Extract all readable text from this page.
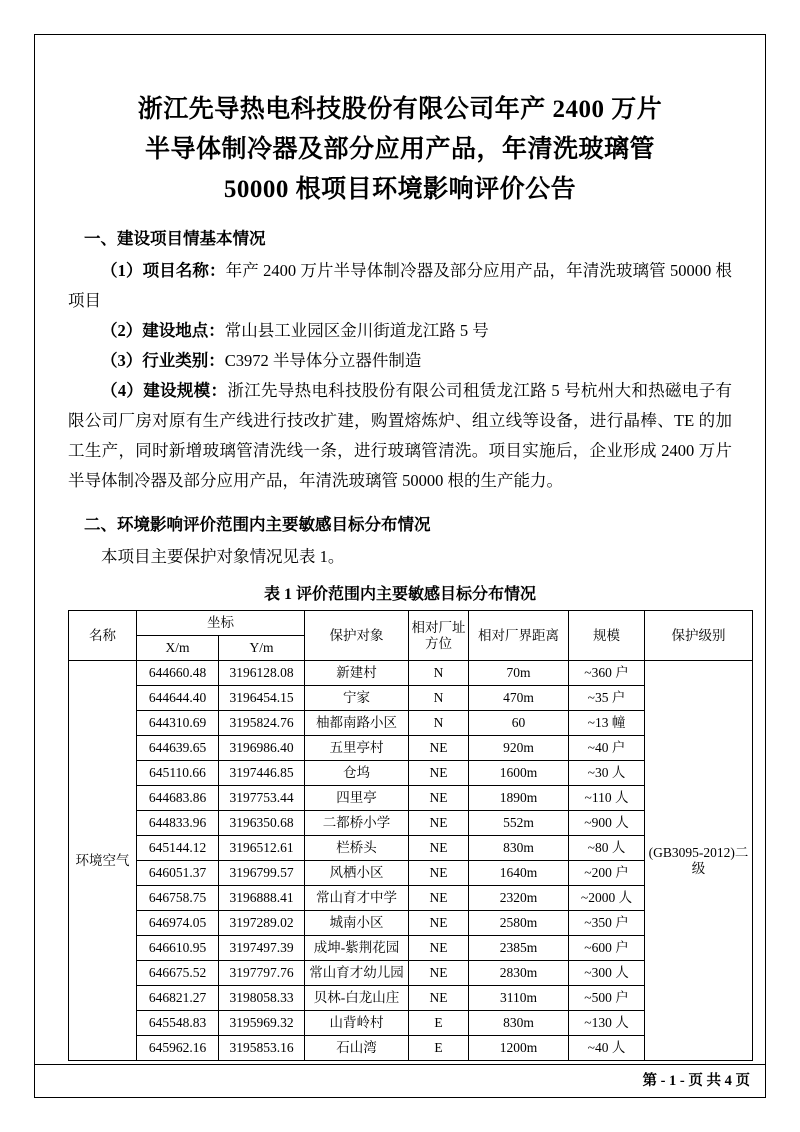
浙江先导热电科技股份有限公司年产 2400 万片
半导体制冷器及部分应用产品，年清洗玻璃管
50000 根项目环境影响评价公告
一、建设项目情基本情况

（1）项目名称：年产 2400 万片半导体制冷器及部分应用产品，年清洗玻璃管 50000 根项目

（2）建设地点：常山县工业园区金川街道龙江路 5 号

（3）行业类别：C3972 半导体分立器件制造

（4）建设规模：浙江先导热电科技股份有限公司租赁龙江路 5 号杭州大和热磁电子有限公司厂房对原有生产线进行技改扩建，购置熔炼炉、组立线等设备，进行晶棒、TE 的加工生产，同时新增玻璃管清洗线一条，进行玻璃管清洗。项目实施后，企业形成 2400 万片半导体制冷器及部分应用产品，年清洗玻璃管 50000 根的生产能力。

二、环境影响评价范围内主要敏感目标分布情况

本项目主要保护对象情况见表 1。

表 1 评价范围内主要敏感目标分布情况
名称	坐标		保护对象	相对厂址方位	相对厂界距离	规模	保护级别
	X/m	Y/m					
环境空气	644660.48	3196128.08	新建村	N	70m	~360 户	(GB3095-2012)二级
	644644.40	3196454.15	宁家	N	470m	~35 户	
	644310.69	3195824.76	柚都南路小区	N	60	~13 幢	
	644639.65	3196986.40	五里亭村	NE	920m	~40 户	
	645110.66	3197446.85	仓坞	NE	1600m	~30 人	
	644683.86	3197753.44	四里亭	NE	1890m	~110 人	
	644833.96	3196350.68	二都桥小学	NE	552m	~900 人	
	645144.12	3196512.61	栏桥头	NE	830m	~80 人	
	646051.37	3196799.57	风栖小区	NE	1640m	~200 户	
	646758.75	3196888.41	常山育才中学	NE	2320m	~2000 人	
	646974.05	3197289.02	城南小区	NE	2580m	~350 户	
	646610.95	3197497.39	成坤-紫荆花园	NE	2385m	~600 户	
	646675.52	3197797.76	常山育才幼儿园	NE	2830m	~300 人	
	646821.27	3198058.33	贝林-白龙山庄	NE	3110m	~500 户	
	645548.83	3195969.32	山背岭村	E	830m	~130 人	
	645962.16	3195853.16	石山湾	E	1200m	~40 人	
第 - 1 - 页 共 4 页
